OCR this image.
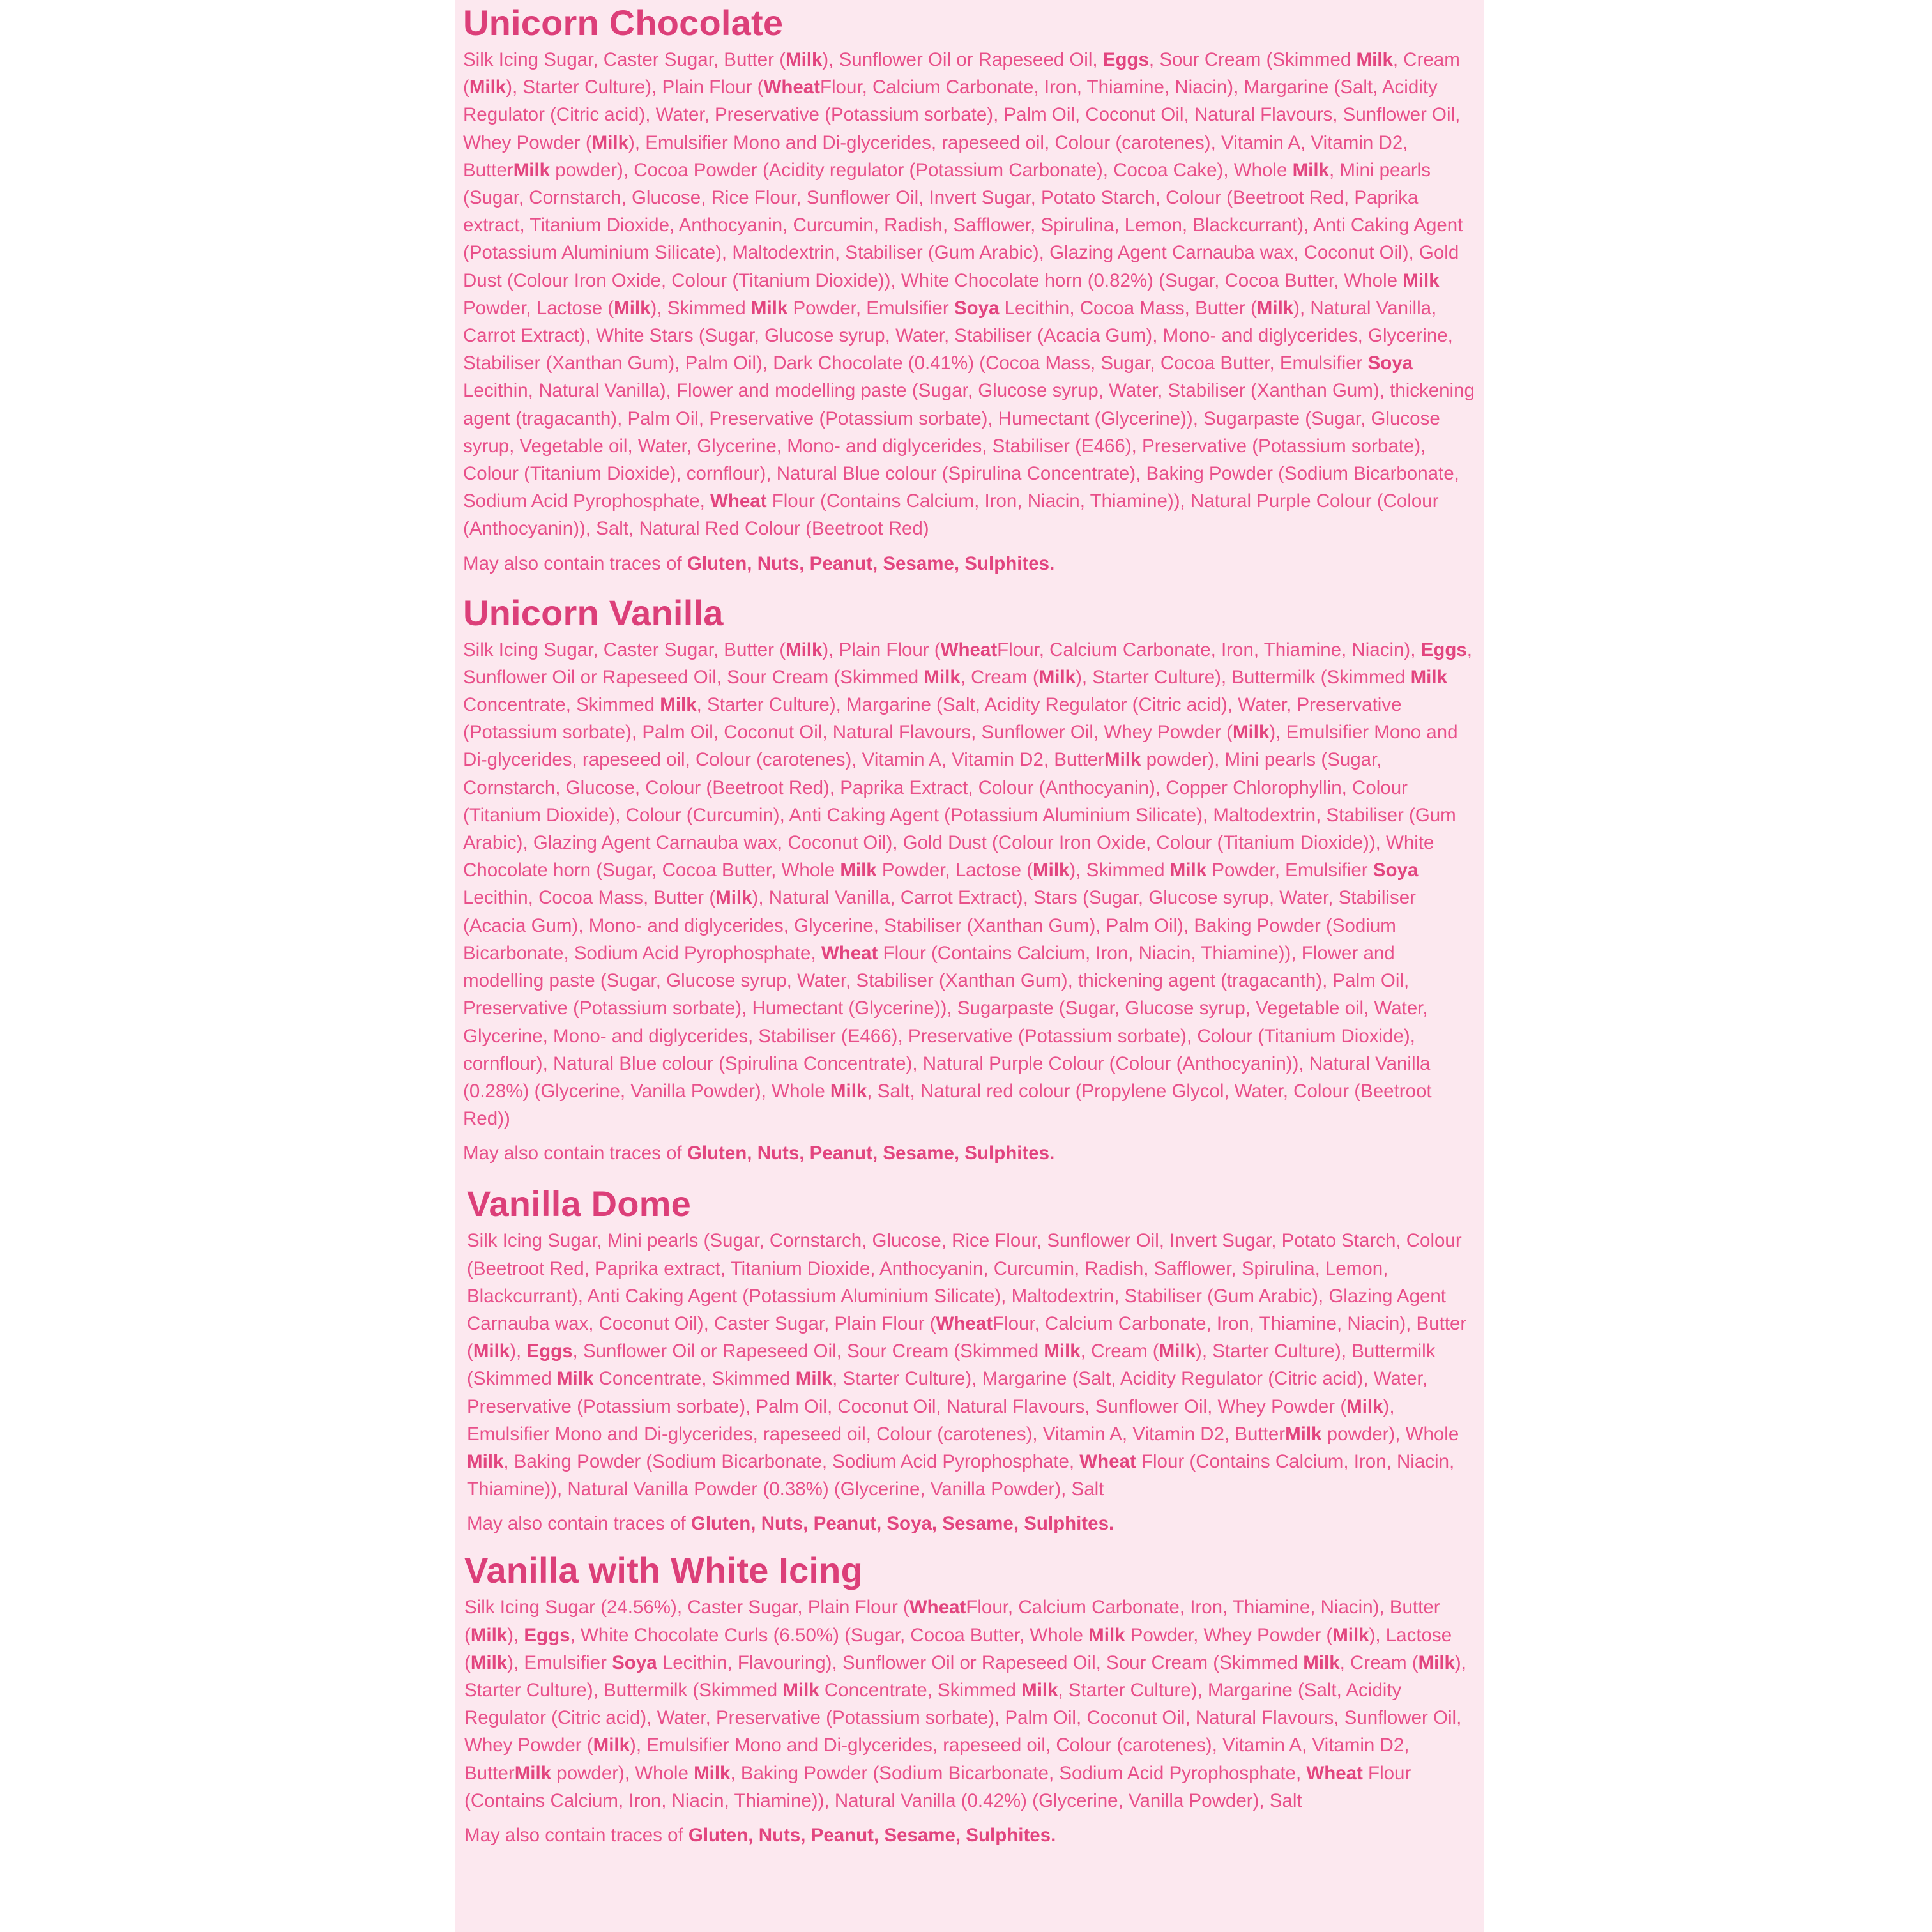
Unicorn Chocolate

Silk Icing Sugar, Caster Sugar, Butter (Milk), Sunflower Oil or Rapeseed Oil, Eggs, Sour Cream (Skimmed Milk, Cream (Milk), Starter Culture), Plain Flour (WheatFlour, Calcium Carbonate, Iron, Thiamine, Niacin), Margarine (Salt, Acidity Regulator (Citric acid), Water, Preservative (Potassium sorbate), Palm Oil, Coconut Oil, Natural Flavours, Sunflower Oil, Whey Powder (Milk), Emulsifier Mono and Di-glycerides, rapeseed oil, Colour (carotenes), Vitamin A, Vitamin D2, ButterMilk powder), Cocoa Powder (Acidity regulator (Potassium Carbonate), Cocoa Cake), Whole Milk, Mini pearls (Sugar, Cornstarch, Glucose, Rice Flour, Sunflower Oil, Invert Sugar, Potato Starch, Colour (Beetroot Red, Paprika extract, Titanium Dioxide, Anthocyanin, Curcumin, Radish, Safflower, Spirulina, Lemon, Blackcurrant), Anti Caking Agent (Potassium Aluminium Silicate), Maltodextrin, Stabiliser (Gum Arabic), Glazing Agent Carnauba wax, Coconut Oil), Gold Dust (Colour Iron Oxide, Colour (Titanium Dioxide)), White Chocolate horn (0.82%) (Sugar, Cocoa Butter, Whole Milk Powder, Lactose (Milk), Skimmed Milk Powder, Emulsifier Soya Lecithin, Cocoa Mass, Butter (Milk), Natural Vanilla, Carrot Extract), White Stars (Sugar, Glucose syrup, Water, Stabiliser (Acacia Gum), Mono- and diglycerides, Glycerine, Stabiliser (Xanthan Gum), Palm Oil), Dark Chocolate (0.41%) (Cocoa Mass, Sugar, Cocoa Butter, Emulsifier Soya Lecithin, Natural Vanilla), Flower and modelling paste (Sugar, Glucose syrup, Water, Stabiliser (Xanthan Gum), thickening agent (tragacanth), Palm Oil, Preservative (Potassium sorbate), Humectant (Glycerine)), Sugarpaste (Sugar, Glucose syrup, Vegetable oil, Water, Glycerine, Mono- and diglycerides, Stabiliser (E466), Preservative (Potassium sorbate), Colour (Titanium Dioxide), cornflour), Natural Blue colour (Spirulina Concentrate), Baking Powder (Sodium Bicarbonate, Sodium Acid Pyrophosphate, Wheat Flour (Contains Calcium, Iron, Niacin, Thiamine)), Natural Purple Colour (Colour (Anthocyanin)), Salt, Natural Red Colour (Beetroot Red)

May also contain traces of Gluten, Nuts, Peanut, Sesame, Sulphites.

Unicorn Vanilla

Silk Icing Sugar, Caster Sugar, Butter (Milk), Plain Flour (WheatFlour, Calcium Carbonate, Iron, Thiamine, Niacin), Eggs, Sunflower Oil or Rapeseed Oil, Sour Cream (Skimmed Milk, Cream (Milk), Starter Culture), Buttermilk (Skimmed Milk Concentrate, Skimmed Milk, Starter Culture), Margarine (Salt, Acidity Regulator (Citric acid), Water, Preservative (Potassium sorbate), Palm Oil, Coconut Oil, Natural Flavours, Sunflower Oil, Whey Powder (Milk), Emulsifier Mono and Di-glycerides, rapeseed oil, Colour (carotenes), Vitamin A, Vitamin D2, ButterMilk powder), Mini pearls (Sugar, Cornstarch, Glucose, Colour (Beetroot Red), Paprika Extract, Colour (Anthocyanin), Copper Chlorophyllin, Colour (Titanium Dioxide), Colour (Curcumin), Anti Caking Agent (Potassium Aluminium Silicate), Maltodextrin, Stabiliser (Gum Arabic), Glazing Agent Carnauba wax, Coconut Oil), Gold Dust (Colour Iron Oxide, Colour (Titanium Dioxide)), White Chocolate horn (Sugar, Cocoa Butter, Whole Milk Powder, Lactose (Milk), Skimmed Milk Powder, Emulsifier Soya Lecithin, Cocoa Mass, Butter (Milk), Natural Vanilla, Carrot Extract), Stars (Sugar, Glucose syrup, Water, Stabiliser (Acacia Gum), Mono- and diglycerides, Glycerine, Stabiliser (Xanthan Gum), Palm Oil), Baking Powder (Sodium Bicarbonate, Sodium Acid Pyrophosphate, Wheat Flour (Contains Calcium, Iron, Niacin, Thiamine)), Flower and modelling paste (Sugar, Glucose syrup, Water, Stabiliser (Xanthan Gum), thickening agent (tragacanth), Palm Oil, Preservative (Potassium sorbate), Humectant (Glycerine)), Sugarpaste (Sugar, Glucose syrup, Vegetable oil, Water, Glycerine, Mono- and diglycerides, Stabiliser (E466), Preservative (Potassium sorbate), Colour (Titanium Dioxide), cornflour), Natural Blue colour (Spirulina Concentrate), Natural Purple Colour (Colour (Anthocyanin)), Natural Vanilla (0.28%) (Glycerine, Vanilla Powder), Whole Milk, Salt, Natural red colour (Propylene Glycol, Water, Colour (Beetroot Red))

May also contain traces of Gluten, Nuts, Peanut, Sesame, Sulphites.

Vanilla Dome

Silk Icing Sugar, Mini pearls (Sugar, Cornstarch, Glucose, Rice Flour, Sunflower Oil, Invert Sugar, Potato Starch, Colour (Beetroot Red, Paprika extract, Titanium Dioxide, Anthocyanin, Curcumin, Radish, Safflower, Spirulina, Lemon, Blackcurrant), Anti Caking Agent (Potassium Aluminium Silicate), Maltodextrin, Stabiliser (Gum Arabic), Glazing Agent Carnauba wax, Coconut Oil), Caster Sugar, Plain Flour (WheatFlour, Calcium Carbonate, Iron, Thiamine, Niacin), Butter (Milk), Eggs, Sunflower Oil or Rapeseed Oil, Sour Cream (Skimmed Milk, Cream (Milk), Starter Culture), Buttermilk (Skimmed Milk Concentrate, Skimmed Milk, Starter Culture), Margarine (Salt, Acidity Regulator (Citric acid), Water, Preservative (Potassium sorbate), Palm Oil, Coconut Oil, Natural Flavours, Sunflower Oil, Whey Powder (Milk), Emulsifier Mono and Di-glycerides, rapeseed oil, Colour (carotenes), Vitamin A, Vitamin D2, ButterMilk powder), Whole Milk, Baking Powder (Sodium Bicarbonate, Sodium Acid Pyrophosphate, Wheat Flour (Contains Calcium, Iron, Niacin, Thiamine)), Natural Vanilla Powder (0.38%) (Glycerine, Vanilla Powder), Salt

May also contain traces of Gluten, Nuts, Peanut, Soya, Sesame, Sulphites.

Vanilla with White Icing

Silk Icing Sugar (24.56%), Caster Sugar, Plain Flour (WheatFlour, Calcium Carbonate, Iron, Thiamine, Niacin), Butter (Milk), Eggs, White Chocolate Curls (6.50%) (Sugar, Cocoa Butter, Whole Milk Powder, Whey Powder (Milk), Lactose (Milk), Emulsifier Soya Lecithin, Flavouring), Sunflower Oil or Rapeseed Oil, Sour Cream (Skimmed Milk, Cream (Milk), Starter Culture), Buttermilk (Skimmed Milk Concentrate, Skimmed Milk, Starter Culture), Margarine (Salt, Acidity Regulator (Citric acid), Water, Preservative (Potassium sorbate), Palm Oil, Coconut Oil, Natural Flavours, Sunflower Oil, Whey Powder (Milk), Emulsifier Mono and Di-glycerides, rapeseed oil, Colour (carotenes), Vitamin A, Vitamin D2, ButterMilk powder), Whole Milk, Baking Powder (Sodium Bicarbonate, Sodium Acid Pyrophosphate, Wheat Flour (Contains Calcium, Iron, Niacin, Thiamine)), Natural Vanilla (0.42%) (Glycerine, Vanilla Powder), Salt

May also contain traces of Gluten, Nuts, Peanut, Sesame, Sulphites.
